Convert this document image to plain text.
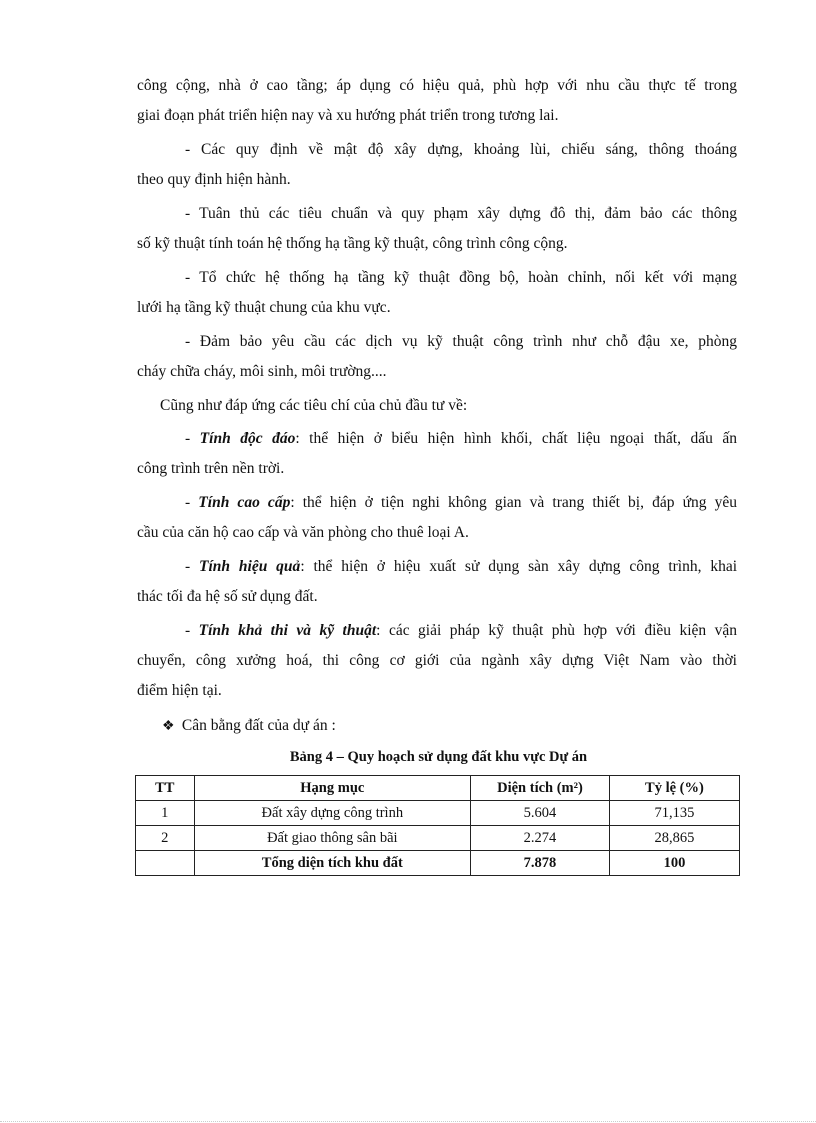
công cộng, nhà ở cao tầng; áp dụng có hiệu quả, phù hợp với nhu cầu thực tế trong
giai đoạn phát triển hiện nay và xu hướng phát triển trong tương lai.

- Các quy định về mật độ xây dựng, khoảng lùi, chiếu sáng, thông thoáng
theo quy định hiện hành.

- Tuân thủ các tiêu chuẩn và quy phạm xây dựng đô thị, đảm bảo các thông
số kỹ thuật tính toán hệ thống hạ tầng kỹ thuật, công trình công cộng.

- Tổ chức hệ thống hạ tầng kỹ thuật đồng bộ, hoàn chỉnh, nối kết với mạng
lưới hạ tầng kỹ thuật chung của khu vực.

- Đảm bảo yêu cầu các dịch vụ kỹ thuật công trình như chỗ đậu xe, phòng
cháy chữa cháy, môi sinh, môi trường....

Cũng như đáp ứng các tiêu chí của chủ đầu tư về:

- Tính độc đáo: thể hiện ở biểu hiện hình khối, chất liệu ngoại thất, dấu ấn
công trình trên nền trời.

- Tính cao cấp: thể hiện ở tiện nghi không gian và trang thiết bị, đáp ứng yêu
cầu của căn hộ cao cấp và văn phòng cho thuê loại A.

- Tính hiệu quả: thể hiện ở hiệu xuất sử dụng sàn xây dựng công trình, khai
thác tối đa hệ số sử dụng đất.

- Tính khả thi và kỹ thuật: các giải pháp kỹ thuật phù hợp với điều kiện vận
chuyển, công xưởng hoá, thi công cơ giới của ngành xây dựng Việt Nam vào thời
điểm hiện tại.

❖ Cân bằng đất của dự án :
Bảng 4 – Quy hoạch sử dụng đất khu vực Dự án
TT	Hạng mục	Diện tích (m²)	Tỷ lệ (%)
1	Đất xây dựng công trình	5.604	71,135
2	Đất giao thông sân bãi	2.274	28,865
	Tổng diện tích khu đất	7.878	100
